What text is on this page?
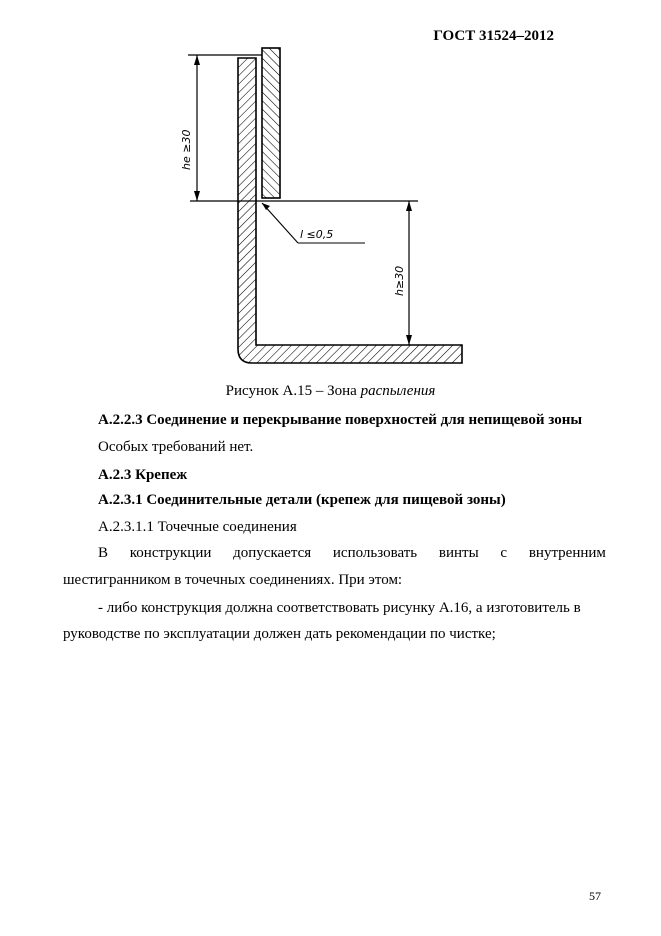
ГОСТ 31524–2012
he ≥30
h≥30
l ≤0,5
Рисунок А.15 – Зона распыления
А.2.2.3 Соединение и перекрывание поверхностей для непищевой зоны
Особых требований нет.
А.2.3 Крепеж
А.2.3.1 Соединительные детали (крепеж для пищевой зоны)
А.2.3.1.1 Точечные соединения
В конструкции допускается использовать винты с внутренним
шестигранником в точечных соединениях. При этом:
- либо конструкция должна соответствовать рисунку А.16, а изготовитель в
руководстве по эксплуатации должен дать рекомендации по чистке;
57
